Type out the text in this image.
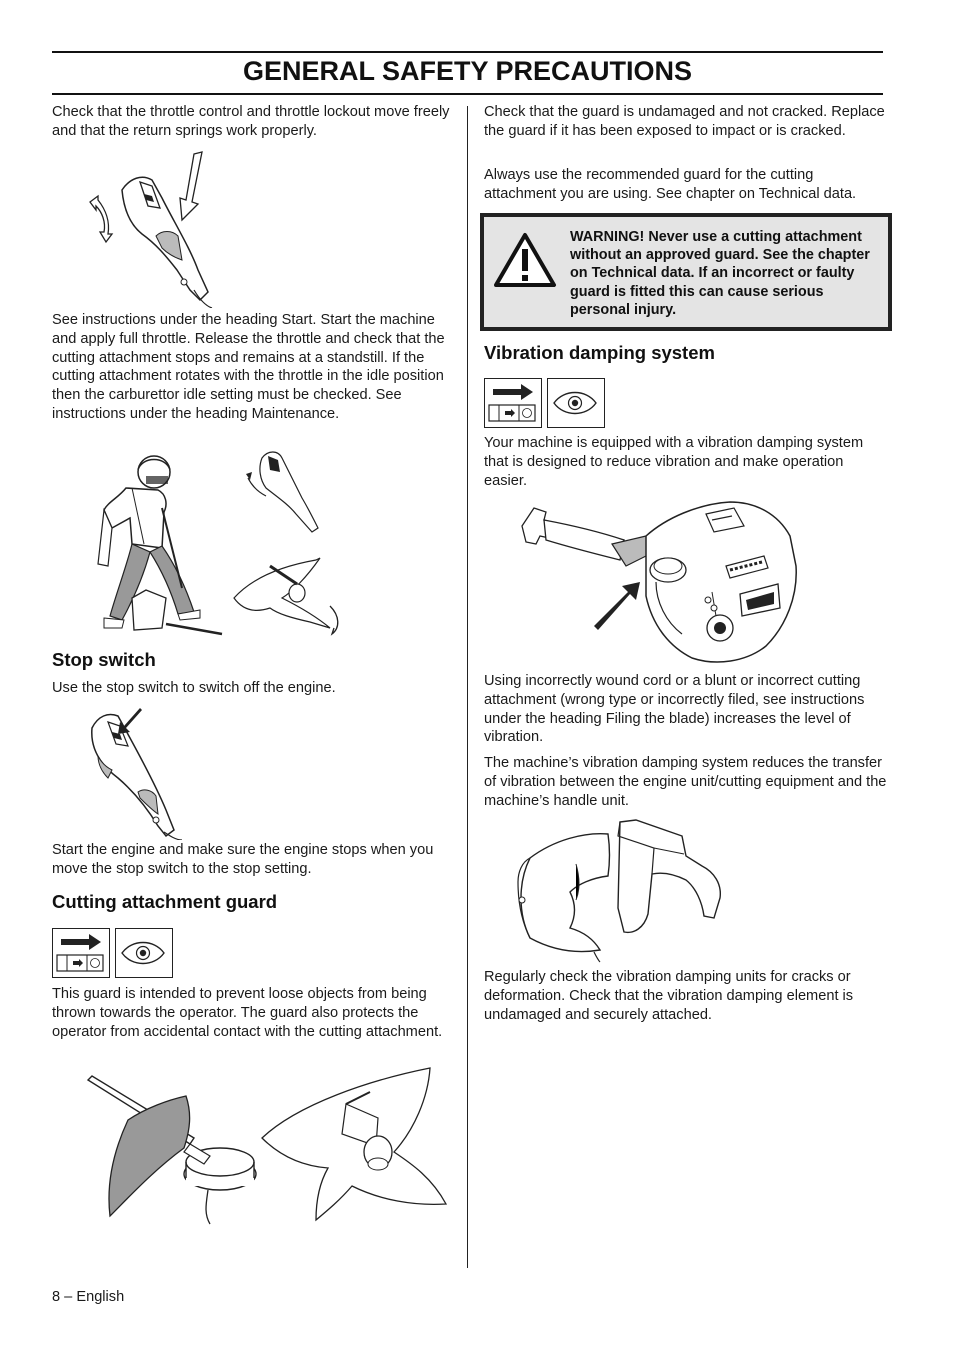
GENERAL SAFETY PRECAUTIONS

Check that the throttle control and throttle lockout move freely and that the return springs work properly.

See instructions under the heading Start. Start the machine and apply full throttle. Release the throttle and check that the cutting attachment stops and remains at a standstill. If the cutting attachment rotates with the throttle in the idle position then the carburettor idle setting must be checked. See instructions under the heading Maintenance.

Stop switch

Use the stop switch to switch off the engine.

Start the engine and make sure the engine stops when you move the stop switch to the stop setting.

Cutting attachment guard

This guard is intended to prevent loose objects from being thrown towards the operator. The guard also protects the operator from accidental contact with the cutting attachment.

Check that the guard is undamaged and not cracked. Replace the guard if it has been exposed to impact or is cracked.

Always use the recommended guard for the cutting attachment you are using. See chapter on Technical data.

WARNING! Never use a cutting attachment without an approved guard. See the chapter on Technical data. If an incorrect or faulty guard is fitted this can cause serious personal injury.

Vibration damping system

Your machine is equipped with a vibration damping system that is designed to reduce vibration and make operation easier.

Using incorrectly wound cord or a blunt or incorrect cutting attachment (wrong type or incorrectly filed, see instructions under the heading Filing the blade) increases the level of vibration.

The machine’s vibration damping system reduces the transfer of vibration between the engine unit/cutting equipment and the machine’s handle unit.

Regularly check the vibration damping units for cracks or deformation. Check that the vibration damping element is undamaged and securely attached.

8 – English
